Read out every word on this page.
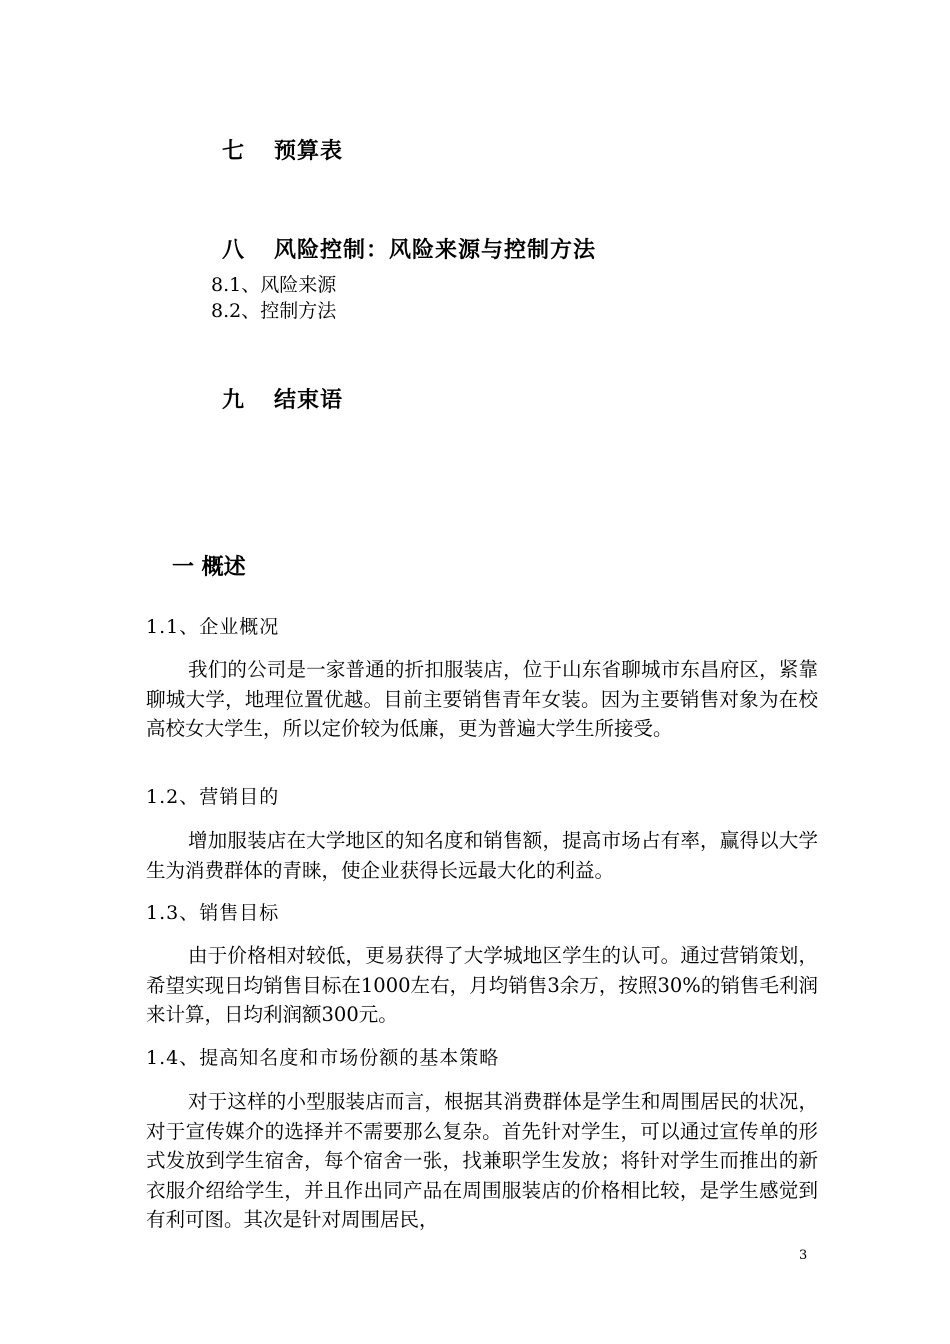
七 预算表
八 风险控制：风险来源与控制方法
8.1、风险来源
8.2、控制方法
九 结束语
一 概述
1.1、企业概况
我们的公司是一家普通的折扣服装店，位于山东省聊城市东昌府区，紧靠聊城大学，地理位置优越。目前主要销售青年女装。因为主要销售对象为在校高校女大学生，所以定价较为低廉，更为普遍大学生所接受。
1.2、营销目的
增加服装店在大学地区的知名度和销售额，提高市场占有率，赢得以大学生为消费群体的青睐，使企业获得长远最大化的利益。
1.3、销售目标
由于价格相对较低，更易获得了大学城地区学生的认可。通过营销策划，希望实现日均销售目标在1000左右，月均销售3余万，按照30%的销售毛利润来计算，日均利润额300元。
1.4、提高知名度和市场份额的基本策略
对于这样的小型服装店而言，根据其消费群体是学生和周围居民的状况，对于宣传媒介的选择并不需要那么复杂。首先针对学生，可以通过宣传单的形式发放到学生宿舍，每个宿舍一张，找兼职学生发放；将针对学生而推出的新衣服介绍给学生，并且作出同产品在周围服装店的价格相比较，是学生感觉到有利可图。其次是针对周围居民，
3
